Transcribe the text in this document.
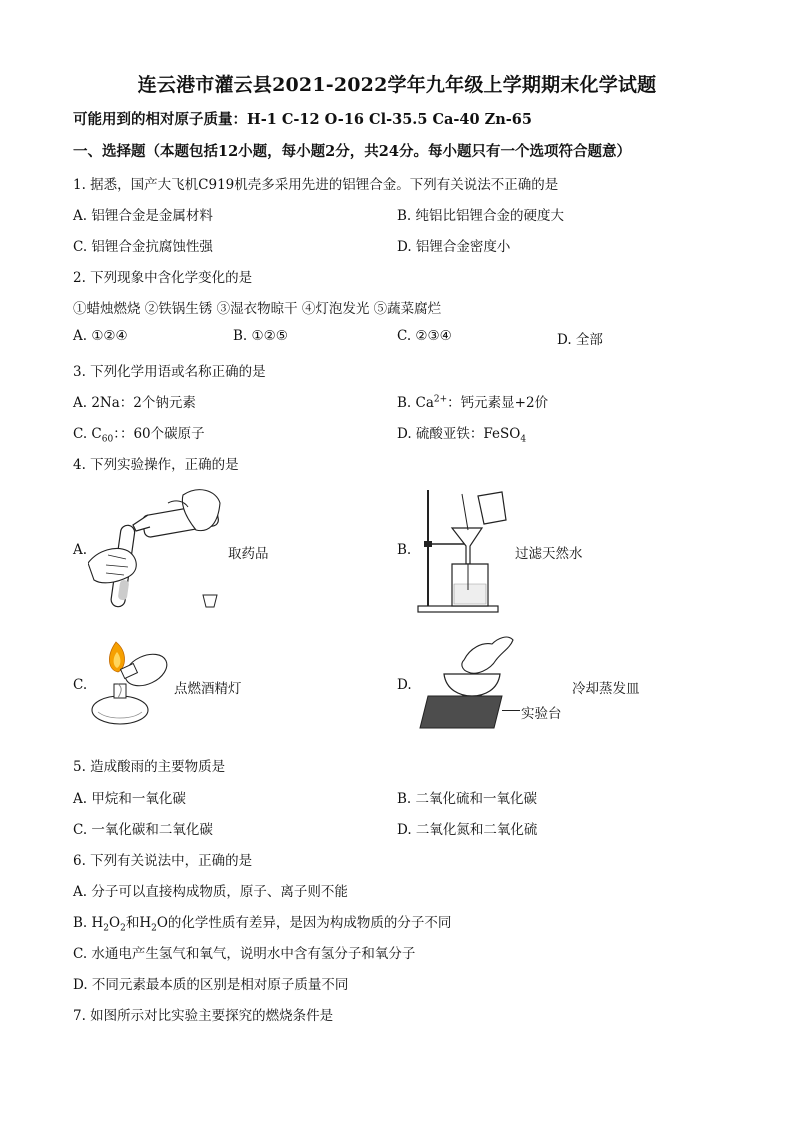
连云港市灌云县2021-2022学年九年级上学期期末化学试题
可能用到的相对原子质量：H-1 C-12 O-16 Cl-35.5 Ca-40 Zn-65
一、选择题（本题包括12小题，每小题2分，共24分。每小题只有一个选项符合题意）
1. 据悉，国产大飞机C919机壳多采用先进的铝锂合金。下列有关说法不正确的是
A. 铝锂合金是金属材料	B. 纯铝比铝锂合金的硬度大
C. 铝锂合金抗腐蚀性强	D. 铝锂合金密度小
2. 下列现象中含化学变化的是
①蜡烛燃烧 ②铁锅生锈 ③湿衣物晾干 ④灯泡发光 ⑤蔬菜腐烂
A. ①②④	B. ①②⑤	C. ②③④	D. 全部
3. 下列化学用语或名称正确的是
A. 2Na：2个钠元素	B. $Ca^{2+}$：钙元素显+2价
C. $C_{60}$：：60个碳原子	D. 硫酸亚铁：FeSO$_4$
4. 下列实验操作，正确的是
A.	取药品	B.	过滤天然水
C.	点燃酒精灯	D.	冷却蒸发皿
实验台
5. 造成酸雨的主要物质是
A. 甲烷和一氧化碳	B. 二氧化硫和一氧化碳
C. 一氧化碳和二氧化碳	D. 二氧化氮和二氧化硫
6. 下列有关说法中，正确的是
A. 分子可以直接构成物质，原子、离子则不能
B. $H_2O_2$和$H_2O$的化学性质有差异，是因为构成物质的分子不同
C. 水通电产生氢气和氧气，说明水中含有氢分子和氧分子
D. 不同元素最本质的区别是相对原子质量不同
7. 如图所示对比实验主要探究的燃烧条件是
